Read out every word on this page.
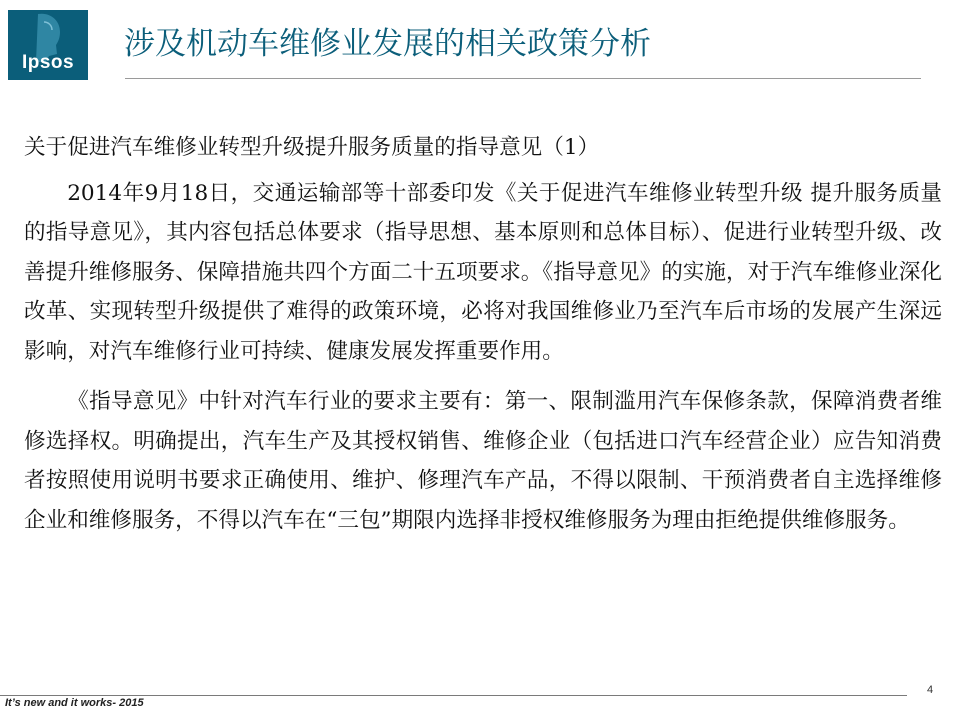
Ipsos
涉及机动车维修业发展的相关政策分析
关于促进汽车维修业转型升级提升服务质量的指导意见（1）

2014年9月18日，交通运输部等十部委印发《关于促进汽车维修业转型升级 提升服务质量的指导意见》，其内容包括总体要求（指导思想、基本原则和总体目标）、促进行业转型升级、改善提升维修服务、保障措施共四个方面二十五项要求。《指导意见》的实施，对于汽车维修业深化改革、实现转型升级提供了难得的政策环境，必将对我国维修业乃至汽车后市场的发展产生深远影响，对汽车维修行业可持续、健康发展发挥重要作用。

《指导意见》中针对汽车行业的要求主要有：第一、限制滥用汽车保修条款，保障消费者维修选择权。明确提出，汽车生产及其授权销售、维修企业（包括进口汽车经营企业）应告知消费者按照使用说明书要求正确使用、维护、修理汽车产品，不得以限制、干预消费者自主选择维修企业和维修服务，不得以汽车在“三包”期限内选择非授权维修服务为理由拒绝提供维修服务。

It’s new and it works- 2015
4
